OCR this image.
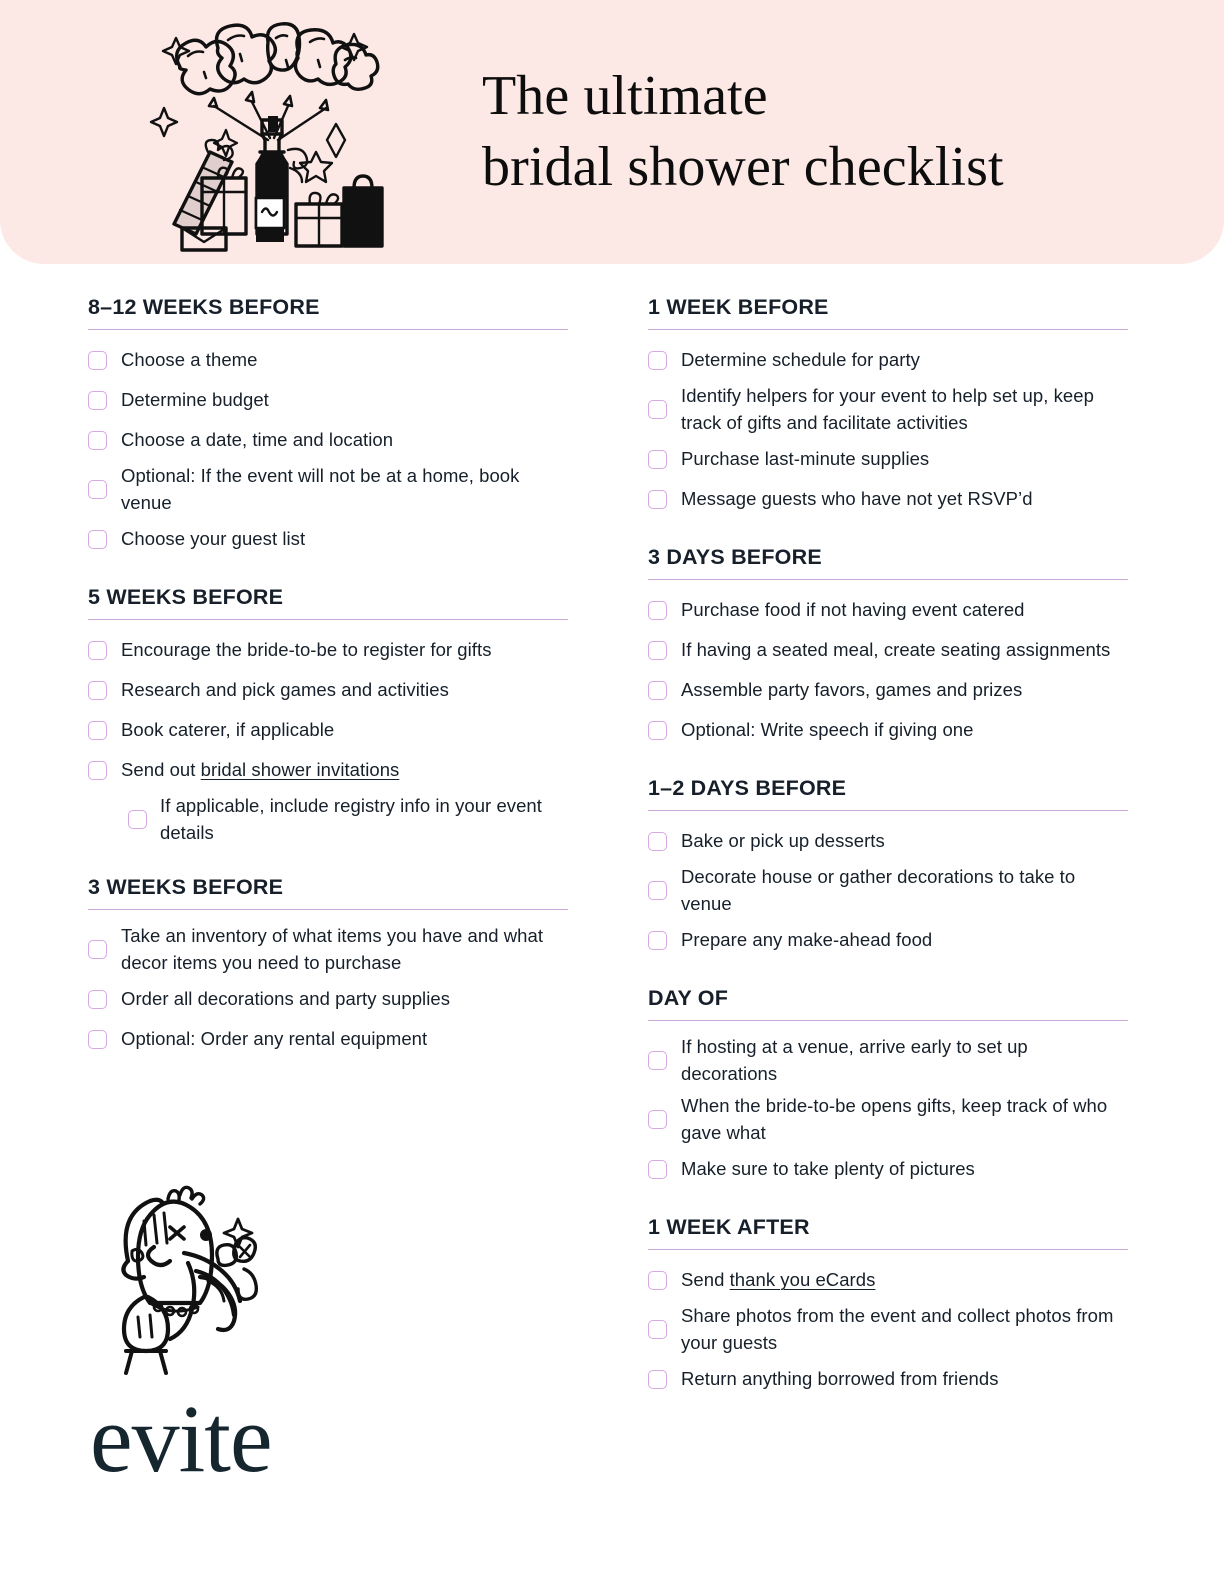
The ultimate
bridal shower checklist
8–12 WEEKS BEFORE
Choose a theme
Determine budget
Choose a date, time and location
Optional: If the event will not be at a home, book venue
Choose your guest list
5 WEEKS BEFORE
Encourage the bride-to-be to register for gifts
Research and pick games and activities
Book caterer, if applicable
Send out bridal shower invitations
If applicable, include registry info in your event details
3 WEEKS BEFORE
Take an inventory of what items you have and what decor items you need to purchase
Order all decorations and party supplies
Optional: Order any rental equipment
1 WEEK BEFORE
Determine schedule for party
Identify helpers for your event to help set up, keep track of gifts and facilitate activities
Purchase last-minute supplies
Message guests who have not yet RSVP’d
3 DAYS BEFORE
Purchase food if not having event catered
If having a seated meal, create seating assignments
Assemble party favors, games and prizes
Optional: Write speech if giving one
1–2 DAYS BEFORE
Bake or pick up desserts
Decorate house or gather decorations to take to venue
Prepare any make-ahead food
DAY OF
If hosting at a venue, arrive early to set up decorations
When the bride-to-be opens gifts, keep track of who gave what
Make sure to take plenty of pictures
1 WEEK AFTER
Send thank you eCards
Share photos from the event and collect photos from your guests
Return anything borrowed from friends
evite
